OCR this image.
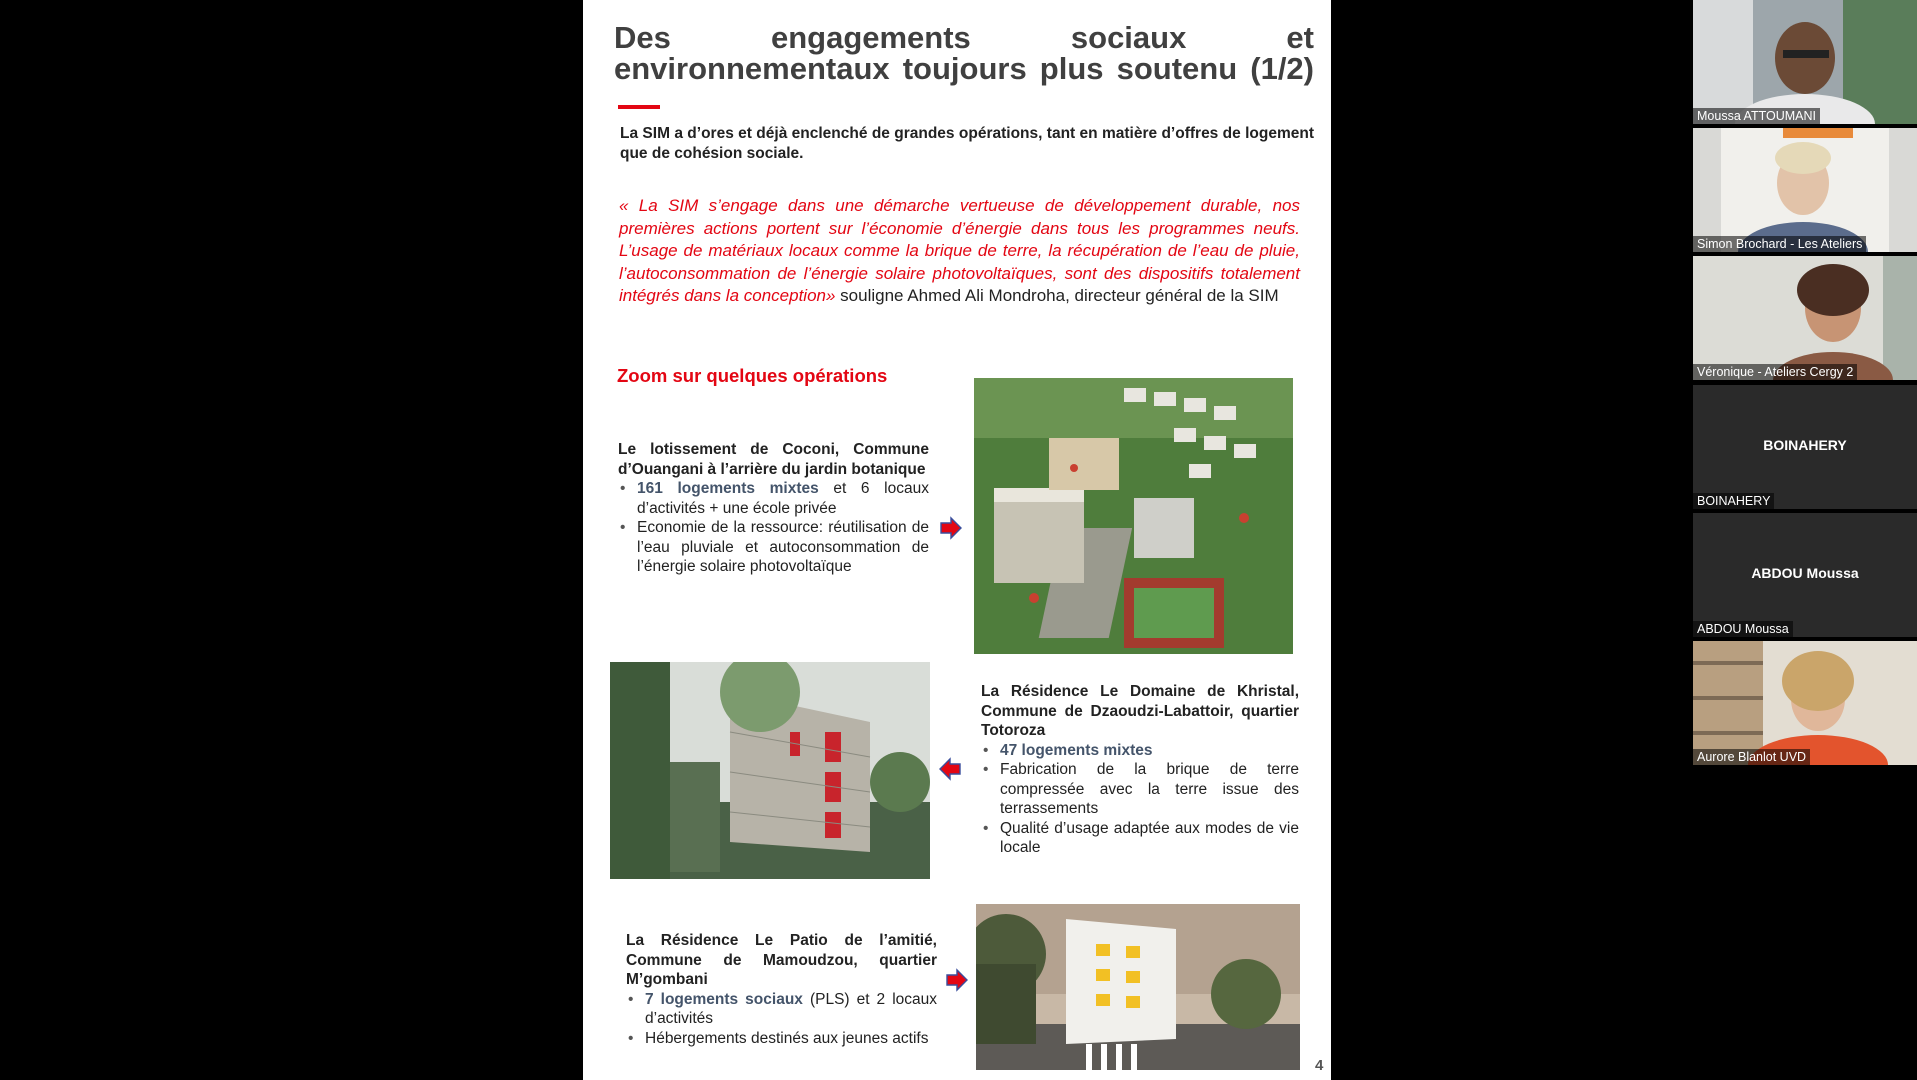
Des engagements sociaux et
environnementaux toujours plus soutenu (1/2)
La SIM a d’ores et déjà enclenché de grandes opérations, tant en matière d’offres de logement que de cohésion sociale.
« La SIM s’engage dans une démarche vertueuse de développement durable, nos premières actions portent sur l’économie d’énergie dans tous les programmes neufs. L’usage de matériaux locaux comme la brique de terre, la récupération de l’eau de pluie, l’autoconsommation de l’énergie solaire photovoltaïques, sont des dispositifs totalement intégrés dans la conception» souligne Ahmed Ali Mondroha, directeur général de la SIM
Zoom sur quelques opérations
Le lotissement de Coconi, Commune d’Ouangani à l’arrière du jardin botanique
• 161 logements mixtes et 6 locaux d’activités + une école privée
• Economie de la ressource: réutilisation de l’eau pluviale et autoconsommation de l’énergie solaire photovoltaïque
La Résidence Le Domaine de Khristal, Commune de Dzaoudzi-Labattoir, quartier Totoroza
• 47 logements mixtes
• Fabrication de la brique de terre compressée avec la terre issue des terrassements
• Qualité d’usage adaptée aux modes de vie locale
La Résidence Le Patio de l’amitié, Commune de Mamoudzou, quartier M’gombani
• 7 logements sociaux (PLS) et 2 locaux d’activités
• Hébergements destinés aux jeunes actifs
4
Moussa ATTOUMANI
Simon Brochard - Les Ateliers
Véronique - Ateliers Cergy 2
BOINAHERY
BOINAHERY
ABDOU Moussa
ABDOU Moussa
Aurore Blanlot UVD
